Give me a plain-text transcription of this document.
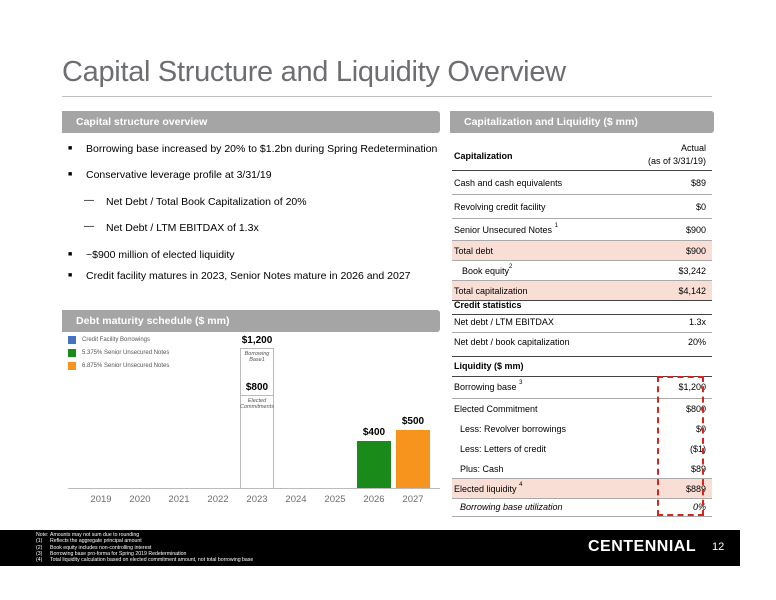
Capital Structure and Liquidity Overview
Capital structure overview	Capitalization and Liquidity ($ mm)
■ Borrowing base increased by 20% to $1.2bn during Spring Redetermination
■ Conservative leverage profile at 3/31/19
— Net Debt / Total Book Capitalization of 20%
— Net Debt / LTM EBITDAX of 1.3x
■ ~$900 million of elected liquidity
■ Credit facility matures in 2023, Senior Notes mature in 2026 and 2027
Debt maturity schedule ($ mm)
Credit Facility Borrowings
5.375% Senior Unsecured Notes
6.875% Senior Unsecured Notes
2019	2020	2021	2022	2023	2024	2025	2026	2027
$800
Elected Commitments
$1,200
Borrowing Base1
$400
$500
Capitalization
Actual
(as of 3/31/19)
Cash and cash equivalents	$89
Revolving credit facility	$0
Senior Unsecured Notes $^1$	$900
Total debt	$900
Book equity$^2$	$3,242
Total capitalization	$4,142
Credit statistics
Net debt / LTM EBITDAX	1.3x
Net debt / book capitalization	20%
Liquidity ($ mm)
Borrowing base $^3$	$1,200
Elected Commitment	$800
Less: Revolver borrowings	$0
Less: Letters of credit	($1)
Plus: Cash	$89
Elected liquidity $^4$	$889
Borrowing base utilization	0%
Note: Amounts may not sum due to rounding
(1) Reflects the aggregate principal amount
(2) Book equity includes non-controlling interest
(3) Borrowing base pro-forma for Spring 2019 Redetermination
(4) Total liquidity calculation based on elected commitment amount, not total borrowing base
CENTENNIAL 12
